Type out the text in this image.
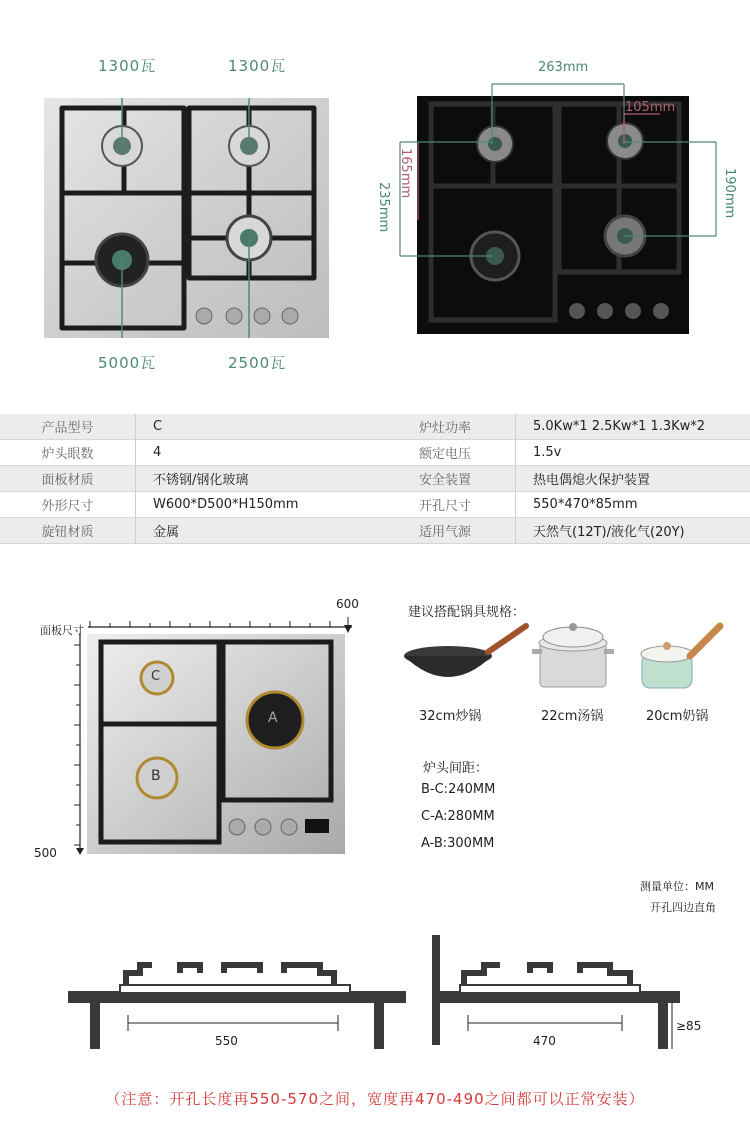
1300瓦	1300瓦
5000瓦	2500瓦
263mm
105mm
165mm
235mm	190mm
产品型号	C	炉灶功率	5.0Kw*1 2.5Kw*1 1.3Kw*2
炉头眼数	4	额定电压	1.5v
面板材质	不锈钢/钢化玻璃	安全装置	热电偶熄火保护装置
外形尺寸	W600*D500*H150mm	开孔尺寸	550*470*85mm
旋钮材质	金属	适用气源	天然气(12T)/液化气(20Y)
面板尺寸
600
500
A
B
C
建议搭配锅具规格：
32cm炒锅	22cm汤锅	20cm奶锅
炉头间距：
B-C:240MM
C-A:280MM
A-B:300MM
测量单位：MM
开孔四边直角
550	470
≥85
（注意：开孔长度再550-570之间，宽度再470-490之间都可以正常安装）
